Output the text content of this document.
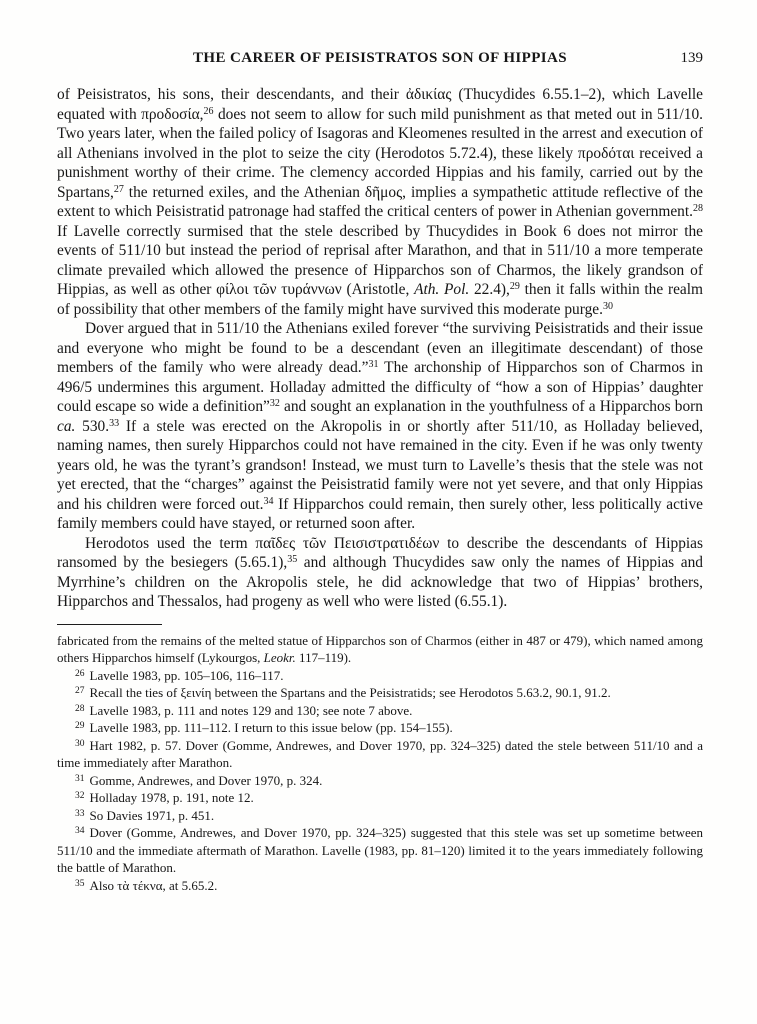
THE CAREER OF PEISISTRATOS SON OF HIPPIAS	139

of Peisistratos, his sons, their descendants, and their ἀδικίας (Thucydides 6.55.1–2), which Lavelle equated with προδοσία,$^{26}$ does not seem to allow for such mild punishment as that meted out in 511/10. Two years later, when the failed policy of Isagoras and Kleomenes resulted in the arrest and execution of all Athenians involved in the plot to seize the city (Herodotos 5.72.4), these likely προδόται received a punishment worthy of their crime. The clemency accorded Hippias and his family, carried out by the Spartans,$^{27}$ the returned exiles, and the Athenian δῆμος, implies a sympathetic attitude reflective of the extent to which Peisistratid patronage had staffed the critical centers of power in Athenian government.$^{28}$ If Lavelle correctly surmised that the stele described by Thucydides in Book 6 does not mirror the events of 511/10 but instead the period of reprisal after Marathon, and that in 511/10 a more temperate climate prevailed which allowed the presence of Hipparchos son of Charmos, the likely grandson of Hippias, as well as other φίλοι τῶν τυράννων (Aristotle, Ath. Pol. 22.4),$^{29}$ then it falls within the realm of possibility that other members of the family might have survived this moderate purge.$^{30}$

Dover argued that in 511/10 the Athenians exiled forever “the surviving Peisistratids and their issue and everyone who might be found to be a descendant (even an illegitimate descendant) of those members of the family who were already dead.”$^{31}$ The archonship of Hipparchos son of Charmos in 496/5 undermines this argument. Holladay admitted the difficulty of “how a son of Hippias’ daughter could escape so wide a definition”$^{32}$ and sought an explanation in the youthfulness of a Hipparchos born ca. 530.33 If a stele was erected on the Akropolis in or shortly after 511/10, as Holladay believed, naming names, then surely Hipparchos could not have remained in the city. Even if he was only twenty years old, he was the tyrant’s grandson! Instead, we must turn to Lavelle’s thesis that the stele was not yet erected, that the “charges” against the Peisistratid family were not yet severe, and that only Hippias and his children were forced out.$^{34}$ If Hipparchos could remain, then surely other, less politically active family members could have stayed, or returned soon after.

Herodotos used the term παῖδες τῶν Πεισιστρατιδέων to describe the descendants of Hippias ransomed by the besiegers (5.65.1),$^{35}$ and although Thucydides saw only the names of Hippias and Myrrhine’s children on the Akropolis stele, he did acknowledge that two of Hippias’ brothers, Hipparchos and Thessalos, had progeny as well who were listed (6.55.1).

fabricated from the remains of the melted statue of Hipparchos son of Charmos (either in 487 or 479), which named among others Hipparchos himself (Lykourgos, Leokr. 117–119).

$^{26}$ Lavelle 1983, pp. 105–106, 116–117.

$^{27}$ Recall the ties of ξεινίη between the Spartans and the Peisistratids; see Herodotos 5.63.2, 90.1, 91.2.

$^{28}$ Lavelle 1983, p. 111 and notes 129 and 130; see note 7 above.

$^{29}$ Lavelle 1983, pp. 111–112. I return to this issue below (pp. 154–155).

$^{30}$ Hart 1982, p. 57. Dover (Gomme, Andrewes, and Dover 1970, pp. 324–325) dated the stele between 511/10 and a time immediately after Marathon.

$^{31}$ Gomme, Andrewes, and Dover 1970, p. 324.

$^{32}$ Holladay 1978, p. 191, note 12.

$^{33}$ So Davies 1971, p. 451.

$^{34}$ Dover (Gomme, Andrewes, and Dover 1970, pp. 324–325) suggested that this stele was set up sometime between 511/10 and the immediate aftermath of Marathon. Lavelle (1983, pp. 81–120) limited it to the years immediately following the battle of Marathon.

$^{35}$ Also τὰ τέκνα, at 5.65.2.
